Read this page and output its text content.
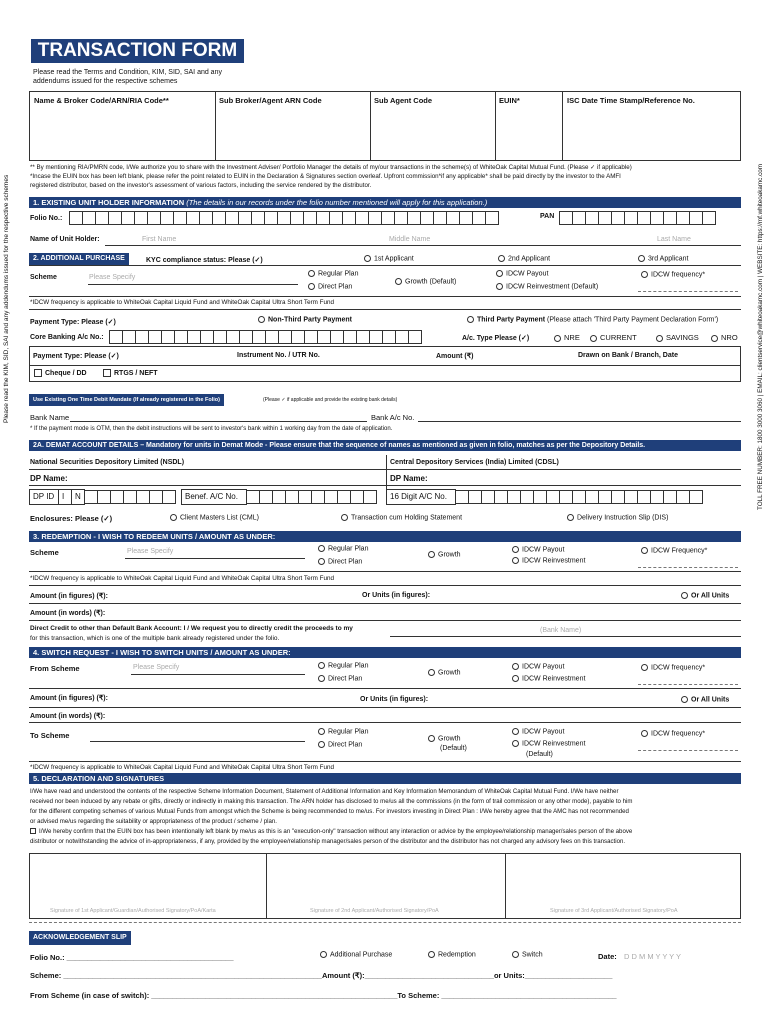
TRANSACTION FORM
Please read the Terms and Condition, KIM, SID, SAI and any addendums issued for the respective schemes
Name & Broker Code/ARN/RIA Code**	Sub Broker/Agent ARN Code	Sub Agent Code	EUIN*	ISC Date Time Stamp/Reference No.
** By mentioning RIA/PMRN code, I/We authorize you to share with the Investment Adviser/ Portfolio Manager the details of my/our transactions in the scheme(s) of WhiteOak Capital Mutual Fund. (Please ✓ if applicable)
*Incase the EUIN box has been left blank, please refer the point related to EUIN in the Declaration & Signatures section overleaf. Upfront commission*if any applicable* shall be paid directly by the investor to the AMFI
registered distributor, based on the investor's assessment of various factors, including the service rendered by the distributor.
1. EXISTING UNIT HOLDER INFORMATION (The details in our records under the folio number mentioned will apply for this application.)
Folio No.:	PAN
Name of Unit Holder:	First Name	Middle Name	Last Name
2. ADDITIONAL PURCHASE	KYC compliance status: Please (✓)	1st Applicant	2nd Applicant	3rd Applicant
Scheme	Please Specify
Regular Plan
Direct Plan
Growth (Default)
IDCW Payout
IDCW Reinvestment (Default)
IDCW frequency*
*IDCW frequency is applicable to WhiteOak Capital Liquid Fund and WhiteOak Capital Ultra Short Term Fund
Payment Type: Please (✓)	Non-Third Party Payment	Third Party Payment (Please attach 'Third Party Payment Declaration Form')
Core Banking A/c No.:	A/c. Type Please (✓)	NRE	CURRENT	SAVINGS	NRO
Payment Type: Please (✓)	Instrument No. / UTR No.	Amount (₹)	Drawn on Bank / Branch, Date
Cheque / DD	RTGS / NEFT
Use Existing One Time Debit Mandate (If already registered in the Folio)	(Please ✓ if applicable and provide the existing bank details)
Bank Name	Bank A/c No.
* If the payment mode is OTM, then the debit instructions will be sent to investor's bank within 1 working day from the date of application.
2A. DEMAT ACCOUNT DETAILS – Mandatory for units in Demat Mode - Please ensure that the sequence of names as mentioned as given in folio, matches as per the Depository Details.
National Securities Depository Limited (NSDL)	Central Depository Services (India) Limited (CDSL)
DP Name:	DP Name:
DP ID I	N	Benef. A/C No.	16 Digit A/C No.
Enclosures: Please (✓)	Client Masters List (CML)	Transaction cum Holding Statement	Delivery Instruction Slip (DIS)
3. REDEMPTION - I WISH TO REDEEM UNITS / AMOUNT AS UNDER:
Scheme	Please Specify	Regular Plan
Direct Plan
Growth
IDCW Payout
IDCW Reinvestment
IDCW Frequency*
*IDCW frequency is applicable to WhiteOak Capital Liquid Fund and WhiteOak Capital Ultra Short Term Fund
Amount (in figures) (₹):	Or Units (in figures):	Or All Units
Amount (in words) (₹):
Direct Credit to other than Default Bank Account: I / We request you to directly credit the proceeds to my
for this transaction, which is one of the multiple bank already registered under the folio.
(Bank Name)
4. SWITCH REQUEST - I WISH TO SWITCH UNITS / AMOUNT AS UNDER:
From Scheme	Please Specify	Regular Plan
Direct Plan
Growth
IDCW Payout
IDCW Reinvestment
IDCW frequency*
Amount (in figures) (₹):	Or Units (in figures):	Or All Units
Amount (in words) (₹):
To Scheme	Regular Plan
Direct Plan
Growth
(Default)
IDCW Payout
IDCW Reinvestment
(Default)
IDCW frequency*
*IDCW frequency is applicable to WhiteOak Capital Liquid Fund and WhiteOak Capital Ultra Short Term Fund
5. DECLARATION AND SIGNATURES
I/We have read and understood the contents of the respective Scheme Information Document, Statement of Additional Information and Key Information Memorandum of WhiteOak Capital Mutual Fund. I/We have neither
received nor been induced by any rebate or gifts, directly or indirectly in making this transaction. The ARN holder has disclosed to me/us all the commissions (in the form of trail commission or any other mode), payable to him
for the different competing schemes of various Mutual Funds from amongst which the Scheme is being recommended to me/us. For investors investing in Direct Plan : I/We hereby agree that the AMC has not recommended
or advised me/us regarding the suitability or appropriateness of the product / scheme / plan.
I/We hereby confirm that the EUIN box has been intentionally left blank by me/us as this is an "execution-only" transaction without any interaction or advice by the employee/relationship manager/sales person of the above
distributor or notwithstanding the advice of in-appropriateness, if any, provided by the employee/relationship manager/sales person of the distributor and the distributor has not charged any advisory fees on this transaction.
Signature of 1st Applicant/Guardian/Authorised Signatory/PoA/Karta	Signature of 2nd Applicant/Authorised Signatory/PoA	Signature of 3rd Applicant/Authorised Signatory/PoA
ACKNOWLEDGEMENT SLIP
Folio No.: ________________________________________	Additional Purchase	Redemption	Switch	Date: D D M M Y Y Y Y
Scheme: ______________________________________________________________Amount (₹):_______________________________or Units:_____________________
From Scheme (in case of switch): ___________________________________________________________To Scheme: __________________________________________
Please read the KIM, SID, SAI and any addendums issued for the respective schemes	TOLL FREE NUMBER: 1800 3000 3060 | EMAIL: clientservice@whiteoakamc.com | WEBSITE: https://mf.whiteoakamc.com
